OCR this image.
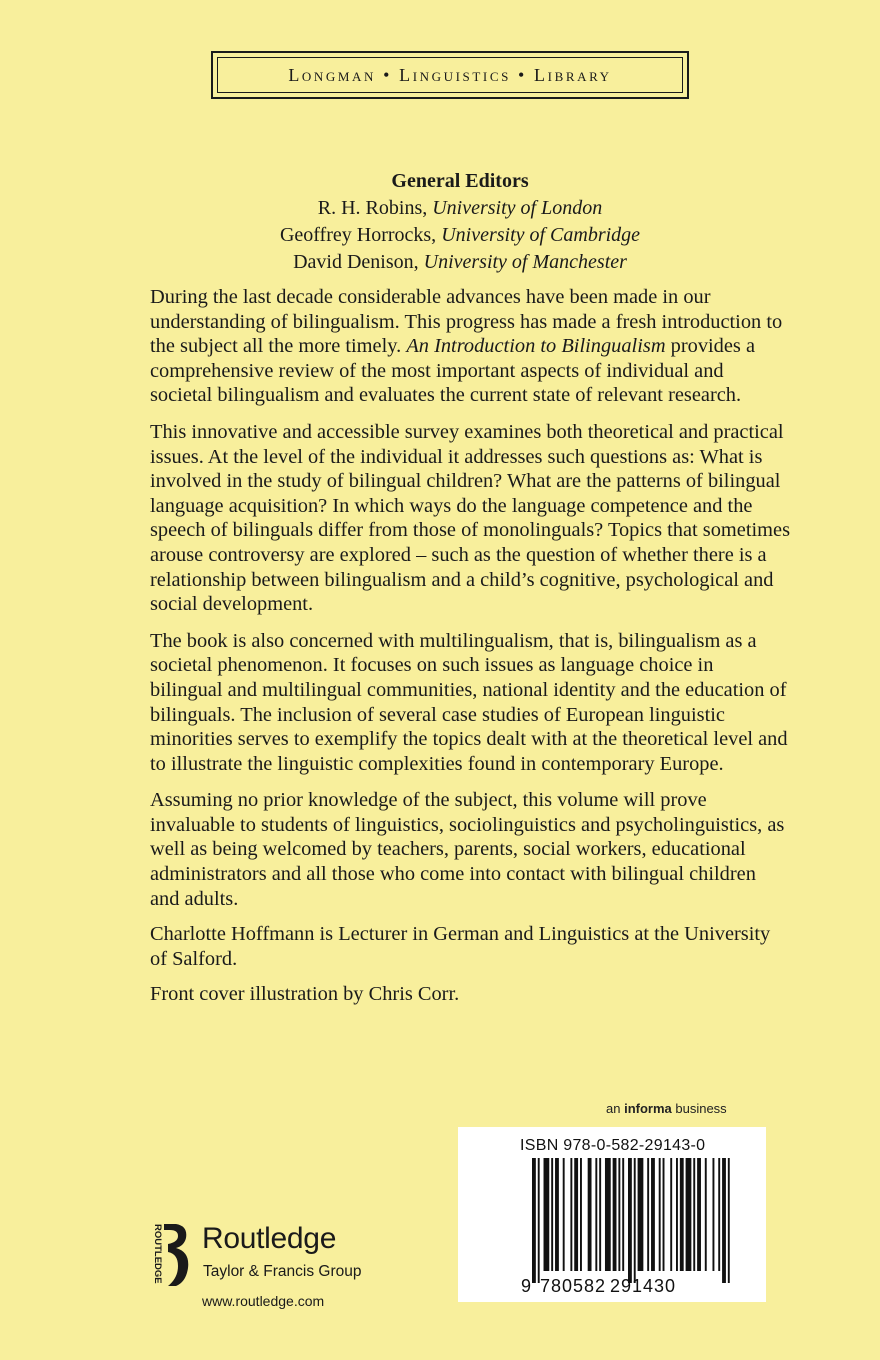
Longman • Linguistics • Library
General Editors
R. H. Robins, University of London
Geoffrey Horrocks, University of Cambridge
David Denison, University of Manchester

During the last decade considerable advances have been made in our understanding of bilingualism. This progress has made a fresh introduction to the subject all the more timely. An Introduction to Bilingualism provides a comprehensive review of the most important aspects of individual and societal bilingualism and evaluates the current state of relevant research.

This innovative and accessible survey examines both theoretical and practical issues. At the level of the individual it addresses such questions as: What is involved in the study of bilingual children? What are the patterns of bilingual language acquisition? In which ways do the language competence and the speech of bilinguals differ from those of monolinguals? Topics that sometimes arouse controversy are explored – such as the question of whether there is a relationship between bilingualism and a child’s cognitive, psychological and social development.

The book is also concerned with multilingualism, that is, bilingualism as a societal phenomenon. It focuses on such issues as language choice in bilingual and multilingual communities, national identity and the education of bilinguals. The inclusion of several case studies of European linguistic minorities serves to exemplify the topics dealt with at the theoretical level and to illustrate the linguistic complexities found in contemporary Europe.

Assuming no prior knowledge of the subject, this volume will prove invaluable to students of linguistics, sociolinguistics and psycholinguistics, as well as being welcomed by teachers, parents, social workers, educational administrators and all those who come into contact with bilingual children and adults.

Charlotte Hoffmann is Lecturer in German and Linguistics at the University of Salford.

Front cover illustration by Chris Corr.

an informa business
ISBN 978-0-582-29143-0
9 780582 291430
ROUTLEDGE Routledge
Taylor & Francis Group
www.routledge.com
